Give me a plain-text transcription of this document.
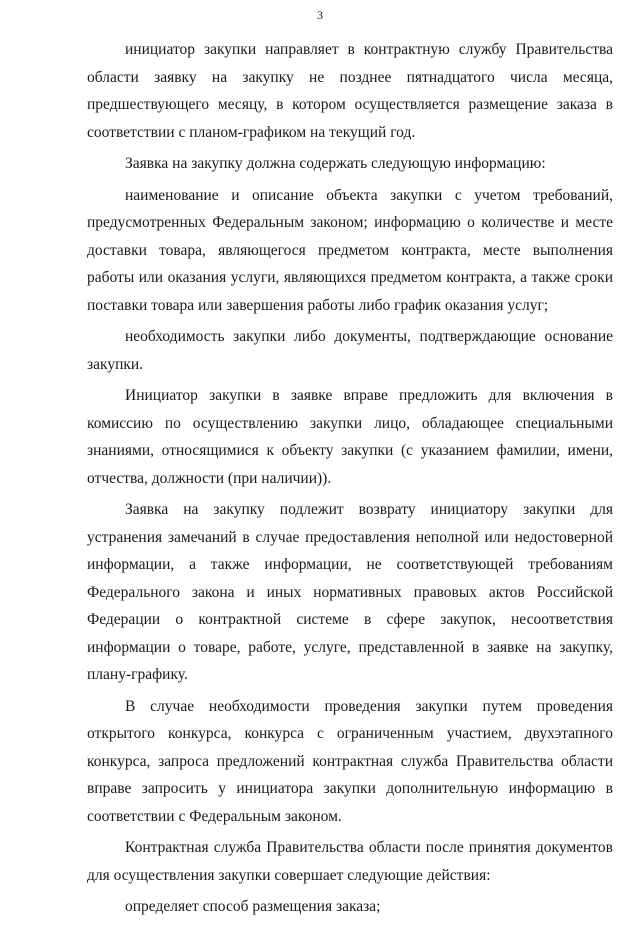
3

инициатор закупки направляет в контрактную службу Правительства области заявку на закупку не позднее пятнадцатого числа месяца, предшествующего месяцу, в котором осуществляется размещение заказа в соответствии с планом-графиком на текущий год.

Заявка на закупку должна содержать следующую информацию:

наименование и описание объекта закупки с учетом требований, предусмотренных Федеральным законом; информацию о количестве и месте доставки товара, являющегося предметом контракта, месте выполнения работы или оказания услуги, являющихся предметом контракта, а также сроки поставки товара или завершения работы либо график оказания услуг;

необходимость закупки либо документы, подтверждающие основание закупки.

Инициатор закупки в заявке вправе предложить для включения в комиссию по осуществлению закупки лицо, обладающее специальными знаниями, относящимися к объекту закупки (с указанием фамилии, имени, отчества, должности (при наличии)).

Заявка на закупку подлежит возврату инициатору закупки для устранения замечаний в случае предоставления неполной или недостоверной информации, а также информации, не соответствующей требованиям Федерального закона и иных нормативных правовых актов Российской Федерации о контрактной системе в сфере закупок, несоответствия информации о товаре, работе, услуге, представленной в заявке на закупку, плану-графику.

В случае необходимости проведения закупки путем проведения открытого конкурса, конкурса с ограниченным участием, двухэтапного конкурса, запроса предложений контрактная служба Правительства области вправе запросить у инициатора закупки дополнительную информацию в соответствии с Федеральным законом.

Контрактная служба Правительства области после принятия документов для осуществления закупки совершает следующие действия:

определяет способ размещения заказа;
